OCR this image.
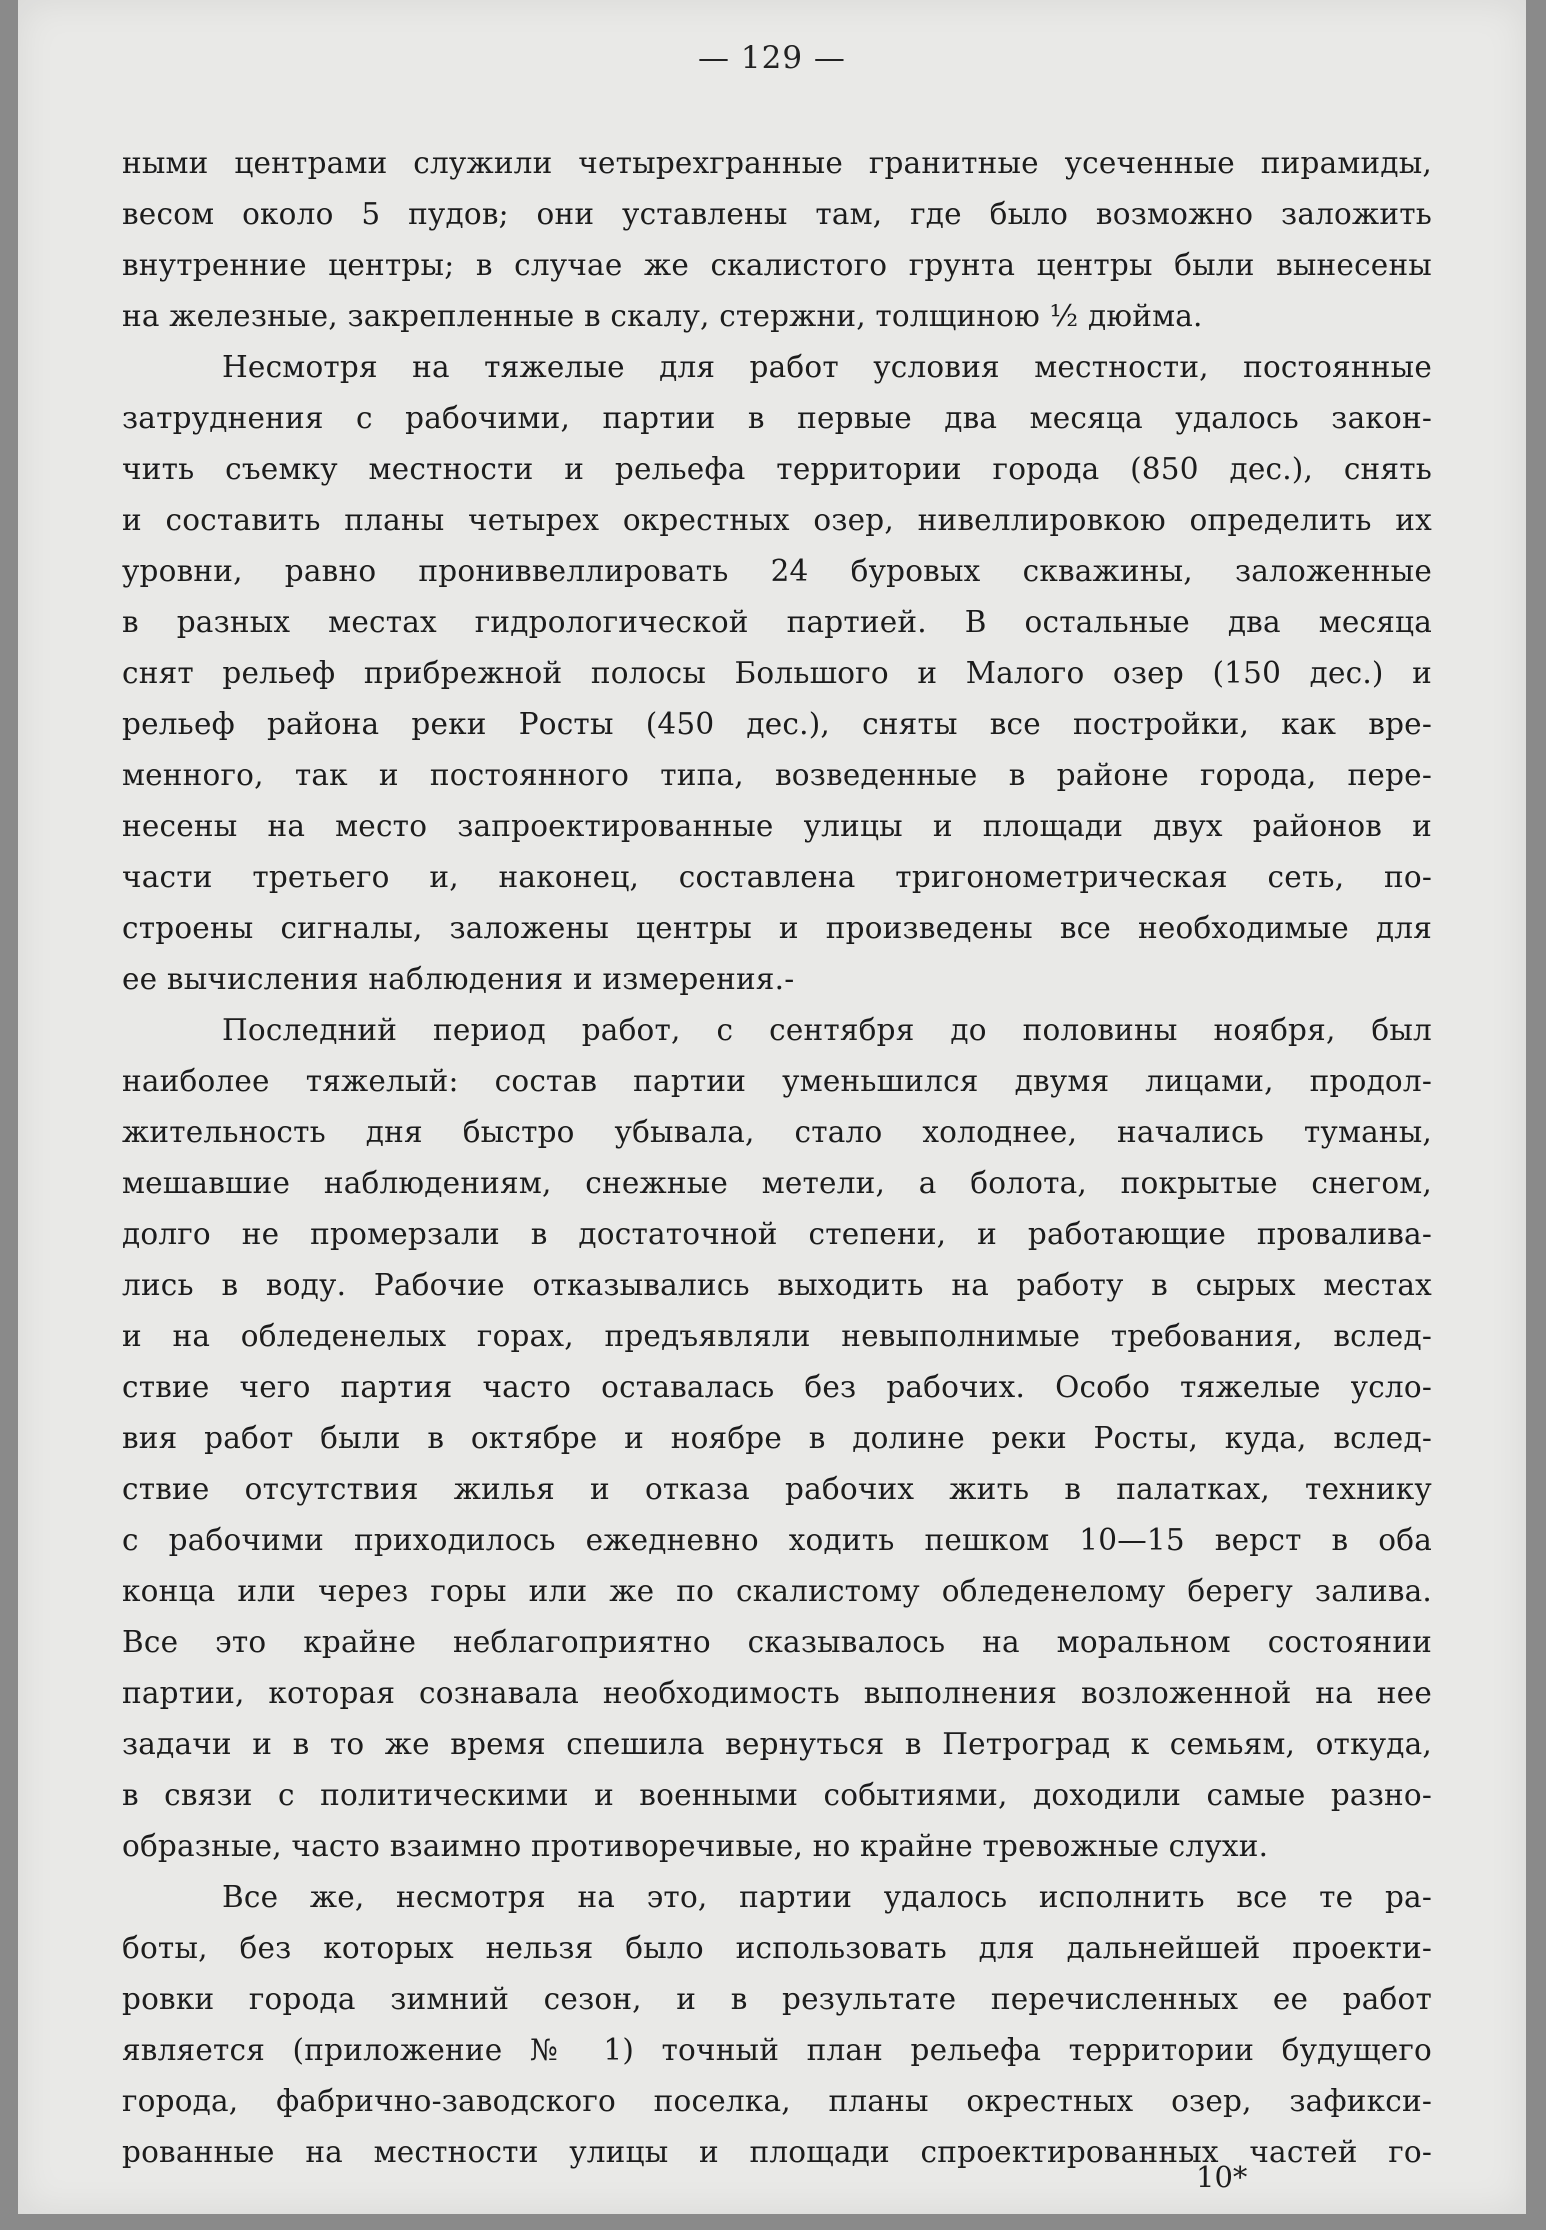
— 129 —
ными центрами служили четырехгранные гранитные усеченные пирамиды,
весом около 5 пудов; они уставлены там, где было возможно заложить
внутренние центры; в случае же скалистого грунта центры были вынесены
на железные, закрепленные в скалу, стержни, толщиною ½ дюйма.
Несмотря на тяжелые для работ условия местности, постоянные
затруднения с рабочими, партии в первые два месяца удалось закон-
чить съемку местности и рельефа территории города (850 дес.), снять
и составить планы четырех окрестных озер, нивеллировкою определить их
уровни, равно прониввеллировать 24 буровых скважины, заложенные
в разных местах гидрологической партией. В остальные два месяца
снят рельеф прибрежной полосы Большого и Малого озер (150 дес.) и
рельеф района реки Росты (450 дес.), сняты все постройки, как вре-
менного, так и постоянного типа, возведенные в районе города, пере-
несены на место запроектированные улицы и площади двух районов и
части третьего и, наконец, составлена тригонометрическая сеть, по-
строены сигналы, заложены центры и произведены все необходимые для
ее вычисления наблюдения и измерения.-
Последний период работ, с сентября до половины ноября, был
наиболее тяжелый: состав партии уменьшился двумя лицами, продол-
жительность дня быстро убывала, стало холоднее, начались туманы,
мешавшие наблюдениям, снежные метели, а болота, покрытые снегом,
долго не промерзали в достаточной степени, и работающие проваливa-
лись в воду. Рабочие отказывались выходить на работу в сырых местах
и на обледенелых горах, предъявляли невыполнимые требования, вслед-
ствие чего партия часто оставалась без рабочих. Особо тяжелые усло-
вия работ были в октябре и ноябре в долине реки Росты, куда, вслед-
ствие отсутствия жилья и отказа рабочих жить в палатках, технику
с рабочими приходилось ежедневно ходить пешком 10—15 верст в оба
конца или через горы или же по скалистому обледенелому берегу залива.
Все это крайне неблагоприятно сказывалось на моральном состоянии
партии, которая сознавала необходимость выполнения возложенной на нее
задачи и в то же время спешила вернуться в Петроград к семьям, откуда,
в связи с политическими и военными событиями, доходили самые разно-
образные, часто взаимно противоречивые, но крайне тревожные слухи.
Все же, несмотря на это, партии удалось исполнить все те ра-
боты, без которых нельзя было использовать для дальнейшей проекти-
ровки города зимний сезон, и в результате перечисленных ее работ
является (приложение № 1) точный план рельефа территории будущего
города, фабрично-заводского поселка, планы окрестных озер, зафикси-
рованные на местности улицы и площади спроектированных частей го-
10*
